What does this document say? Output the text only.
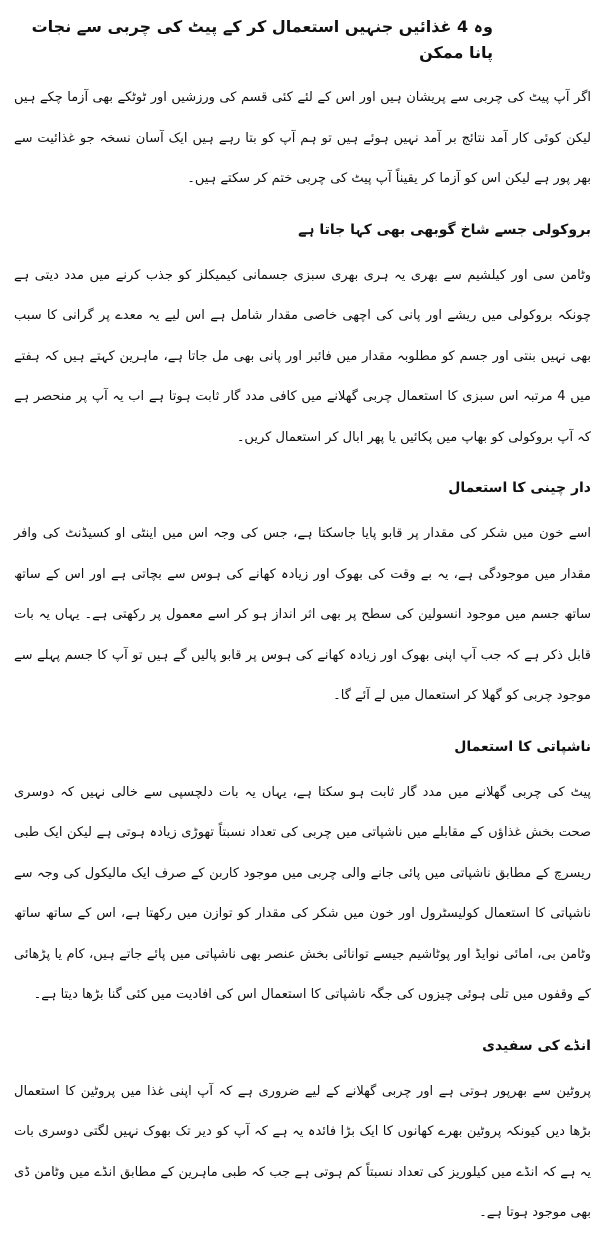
وہ 4 غذائیں جنہیں استعمال کر کے پیٹ کی چربی سے نجات پانا ممکن

اگر آپ پیٹ کی چربی سے پریشان ہیں اور اس کے لئے کئی قسم کی ورزشیں اور ٹوٹکے بھی آزما چکے ہیں لیکن کوئی کار آمد نتائج بر آمد نہیں ہوئے ہیں تو ہم آپ کو بتا رہے ہیں ایک آسان نسخہ جو غذائیت سے بھر پور ہے لیکن اس کو آزما کر یقیناً آپ پیٹ کی چربی ختم کر سکتے ہیں۔

بروکولی جسے شاخ گوبھی بھی کہا جاتا ہے

وٹامن سی اور کیلشیم سے بھری یہ ہری بھری سبزی جسمانی کیمیکلز کو جذب کرنے میں مدد دیتی ہے چونکہ بروکولی میں ریشے اور پانی کی اچھی خاصی مقدار شامل ہے اس لیے یہ معدے پر گرانی کا سبب بھی نہیں بنتی اور جسم کو مطلوبہ مقدار میں فائبر اور پانی بھی مل جاتا ہے، ماہرین کہتے ہیں کہ ہفتے میں 4 مرتبہ اس سبزی کا استعمال چربی گھلانے میں کافی مدد گار ثابت ہوتا ہے اب یہ آپ پر منحصر ہے کہ آپ بروکولی کو بھاپ میں پکائیں یا پھر ابال کر استعمال کریں۔

دار چینی کا استعمال

اسے خون میں شکر کی مقدار پر قابو پایا جاسکتا ہے، جس کی وجہ اس میں اینٹی او کسیڈنٹ کی وافر مقدار میں موجودگی ہے، یہ بے وقت کی بھوک اور زیادہ کھانے کی ہوس سے بچاتی ہے اور اس کے ساتھ ساتھ جسم میں موجود انسولین کی سطح پر بھی اثر انداز ہو کر اسے معمول پر رکھتی ہے۔ یہاں یہ بات قابل ذکر ہے کہ جب آپ اپنی بھوک اور زیادہ کھانے کی ہوس پر قابو پالیں گے ہیں تو آپ کا جسم پہلے سے موجود چربی کو گھلا کر استعمال میں لے آئے گا۔

ناشپاتی کا استعمال

پیٹ کی چربی گھلانے میں مدد گار ثابت ہو سکتا ہے، یہاں یہ بات دلچسپی سے خالی نہیں کہ دوسری صحت بخش غذاؤں کے مقابلے میں ناشپاتی میں چربی کی تعداد نسبتاً تھوڑی زیادہ ہوتی ہے لیکن ایک طبی ریسرچ کے مطابق ناشپاتی میں پائی جانے والی چربی میں موجود کاربن کے صرف ایک مالیکول کی وجہ سے ناشپاتی کا استعمال کولیسٹرول اور خون میں شکر کی مقدار کو توازن میں رکھتا ہے، اس کے ساتھ ساتھ وٹامن بی، امائی نوایڈ اور پوٹاشیم جیسے توانائی بخش عنصر بھی ناشپاتی میں پائے جاتے ہیں، کام یا پڑھائی کے وقفوں میں تلی ہوئی چیزوں کی جگہ ناشپاتی کا استعمال اس کی افادیت میں کئی گنا بڑھا دیتا ہے۔

انڈے کی سفیدی

پروٹین سے بھرپور ہوتی ہے اور چربی گھلانے کے لیے ضروری ہے کہ آپ اپنی غذا میں پروٹین کا استعمال بڑھا دیں کیونکہ پروٹین بھرے کھانوں کا ایک بڑا فائدہ یہ ہے کہ آپ کو دیر تک بھوک نہیں لگتی دوسری بات یہ ہے کہ انڈے میں کیلوریز کی تعداد نسبتاً کم ہوتی ہے جب کہ طبی ماہرین کے مطابق انڈے میں وٹامن ڈی بھی موجود ہوتا ہے۔
